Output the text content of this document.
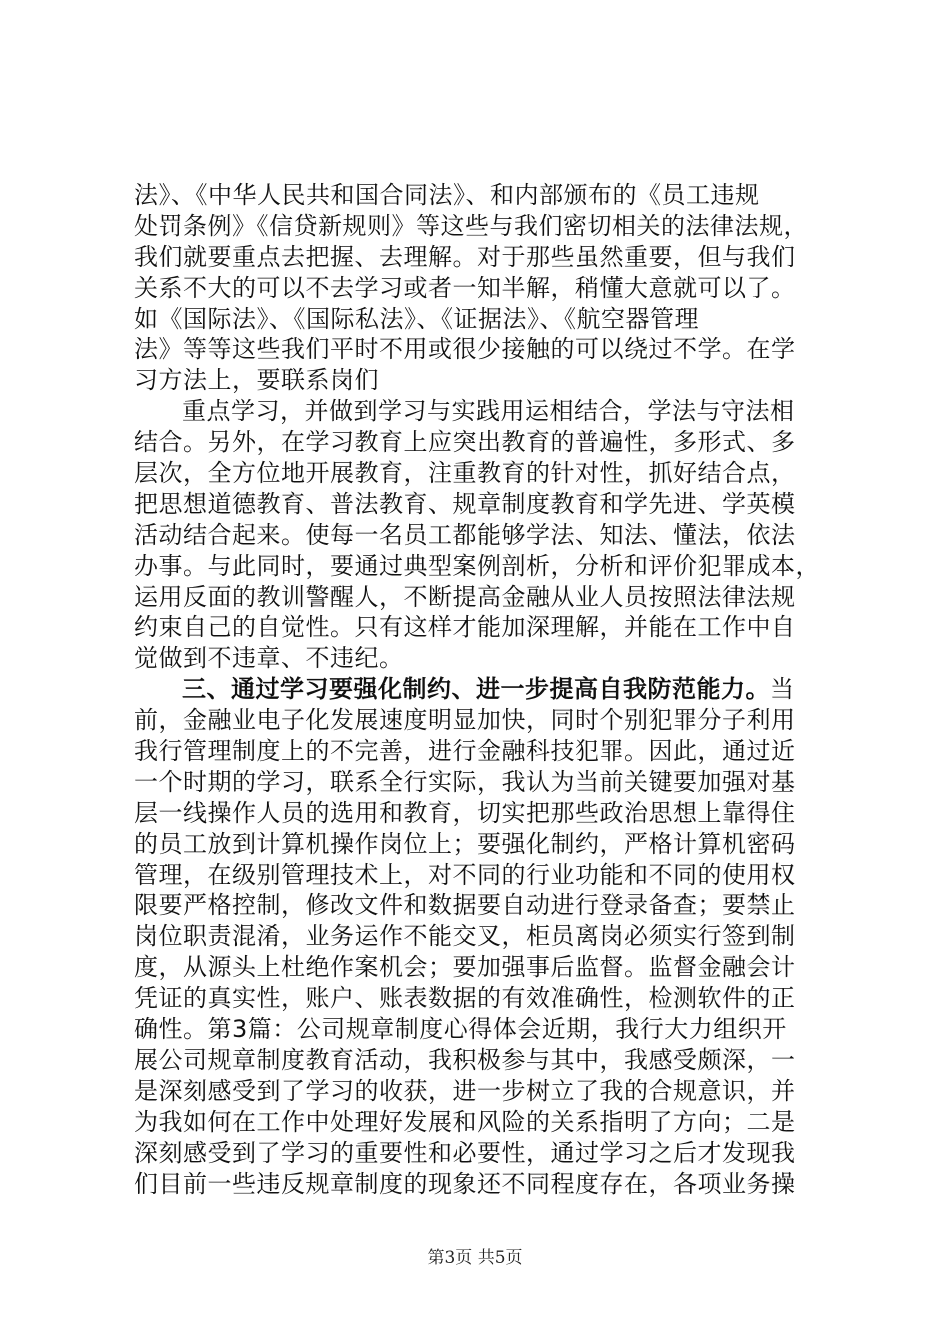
法》、《中华人民共和国合同法》、和内部颁布的《员工违规
处罚条例》《信贷新规则》等这些与我们密切相关的法律法规，
我们就要重点去把握、去理解。对于那些虽然重要，但与我们
关系不大的可以不去学习或者一知半解，稍懂大意就可以了。
如《国际法》、《国际私法》、《证据法》、《航空器管理
法》等等这些我们平时不用或很少接触的可以绕过不学。在学
习方法上，要联系岗们
重点学习，并做到学习与实践用运相结合，学法与守法相
结合。另外，在学习教育上应突出教育的普遍性，多形式、多
层次，全方位地开展教育，注重教育的针对性，抓好结合点，
把思想道德教育、普法教育、规章制度教育和学先进、学英模
活动结合起来。使每一名员工都能够学法、知法、懂法，依法
办事。与此同时，要通过典型案例剖析，分析和评价犯罪成本，
运用反面的教训警醒人，不断提高金融从业人员按照法律法规
约束自己的自觉性。只有这样才能加深理解，并能在工作中自
觉做到不违章、不违纪。
三、通过学习要强化制约、进一步提高自我防范能力。当
前，金融业电子化发展速度明显加快，同时个别犯罪分子利用
我行管理制度上的不完善，进行金融科技犯罪。因此，通过近
一个时期的学习，联系全行实际，我认为当前关键要加强对基
层一线操作人员的选用和教育，切实把那些政治思想上靠得住
的员工放到计算机操作岗位上；要强化制约，严格计算机密码
管理，在级别管理技术上，对不同的行业功能和不同的使用权
限要严格控制，修改文件和数据要自动进行登录备查；要禁止
岗位职责混淆，业务运作不能交叉，柜员离岗必须实行签到制
度，从源头上杜绝作案机会；要加强事后监督。监督金融会计
凭证的真实性，账户、账表数据的有效准确性，检测软件的正
确性。第3篇：公司规章制度心得体会近期，我行大力组织开
展公司规章制度教育活动，我积极参与其中，我感受颇深，一
是深刻感受到了学习的收获，进一步树立了我的合规意识，并
为我如何在工作中处理好发展和风险的关系指明了方向；二是
深刻感受到了学习的重要性和必要性，通过学习之后才发现我
们目前一些违反规章制度的现象还不同程度存在，各项业务操
第3页 共5页
